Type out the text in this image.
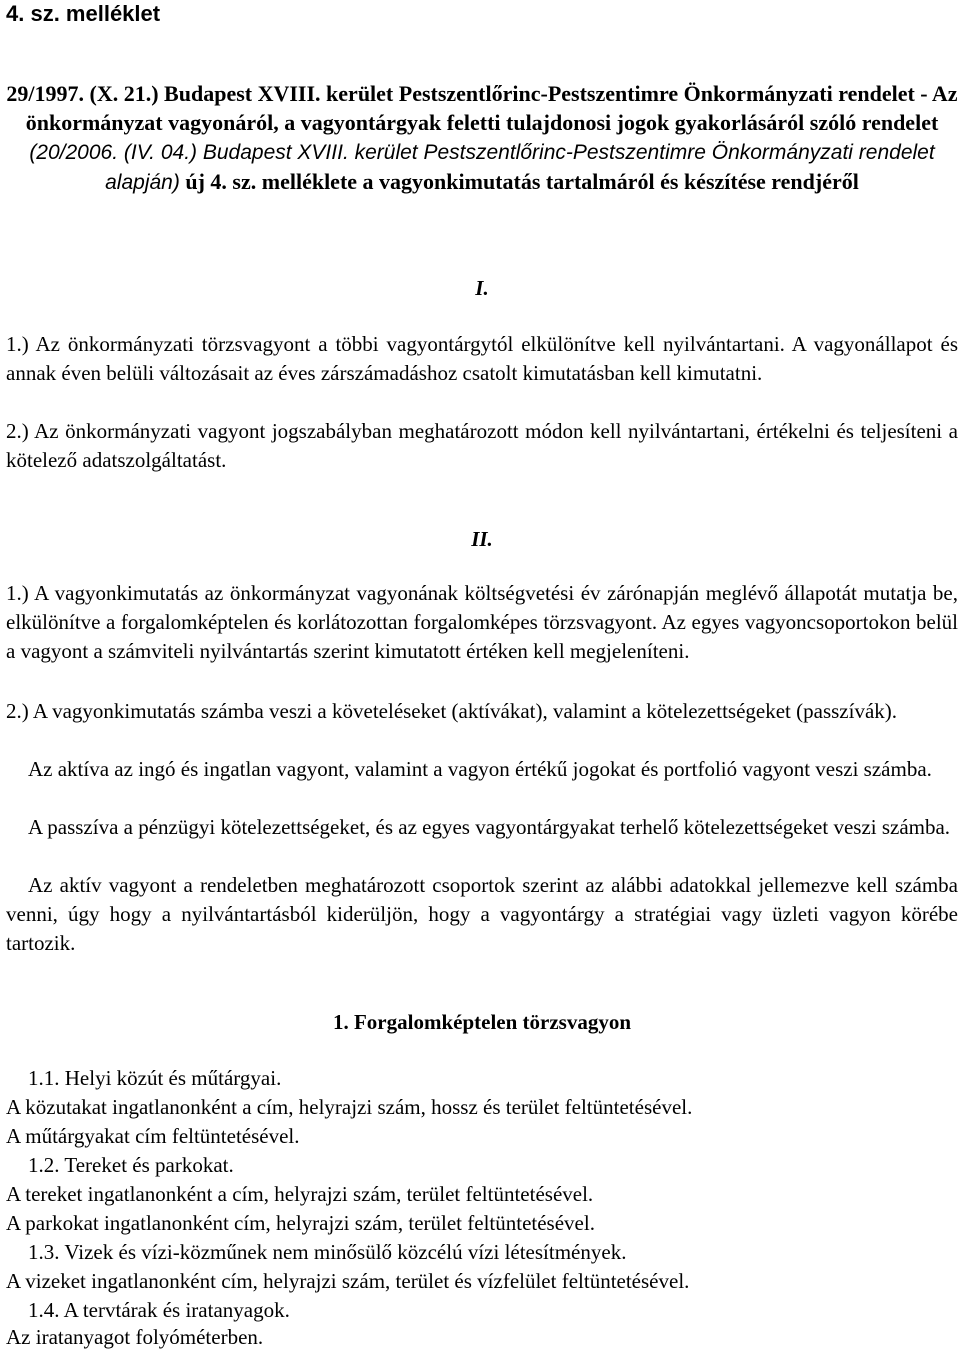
4. sz. melléklet
29/1997. (X. 21.) Budapest XVIII. kerület Pestszentlőrinc-Pestszentimre Önkormányzati rendelet - Az önkormányzat vagyonáról, a vagyontárgyak feletti tulajdonosi jogok gyakorlásáról szóló rendelet (20/2006. (IV. 04.) Budapest XVIII. kerület Pestszentlőrinc-Pestszentimre Önkormányzati rendelet alapján) új 4. sz. melléklete a vagyonkimutatás tartalmáról és készítése rendjéről
I.
1.) Az önkormányzati törzsvagyont a többi vagyontárgytól elkülönítve kell nyilvántartani. A vagyonállapot és annak éven belüli változásait az éves zárszámadáshoz csatolt kimutatásban kell kimutatni.
2.) Az önkormányzati vagyont jogszabályban meghatározott módon kell nyilvántartani, értékelni és teljesíteni a kötelező adatszolgáltatást.
II.
1.) A vagyonkimutatás az önkormányzat vagyonának költségvetési év zárónapján meglévő állapotát mutatja be, elkülönítve a forgalomképtelen és korlátozottan forgalomképes törzsvagyont. Az egyes vagyoncsoportokon belül a vagyont a számviteli nyilvántartás szerint kimutatott értéken kell megjeleníteni.
2.) A vagyonkimutatás számba veszi a követeléseket (aktívákat), valamint a kötelezettségeket (passzívák).
Az aktíva az ingó és ingatlan vagyont, valamint a vagyon értékű jogokat és portfolió vagyont veszi számba.
A passzíva a pénzügyi kötelezettségeket, és az egyes vagyontárgyakat terhelő kötelezettségeket veszi számba.
Az aktív vagyont a rendeletben meghatározott csoportok szerint az alábbi adatokkal jellemezve kell számba venni, úgy hogy a nyilvántartásból kiderüljön, hogy a vagyontárgy a stratégiai vagy üzleti vagyon körébe tartozik.
1. Forgalomképtelen törzsvagyon
1.1. Helyi közút és műtárgyai.
A közutakat ingatlanonként a cím, helyrajzi szám, hossz és terület feltüntetésével.
A műtárgyakat cím feltüntetésével.
1.2. Tereket és parkokat.
A tereket ingatlanonként a cím, helyrajzi szám, terület feltüntetésével.
A parkokat ingatlanonként cím, helyrajzi szám, terület feltüntetésével.
1.3. Vizek és vízi-közműnek nem minősülő közcélú vízi létesítmények.
A vizeket ingatlanonként cím, helyrajzi szám, terület és vízfelület feltüntetésével.
1.4. A tervtárak és iratanyagok.
Az iratanyagot folyóméterben.
